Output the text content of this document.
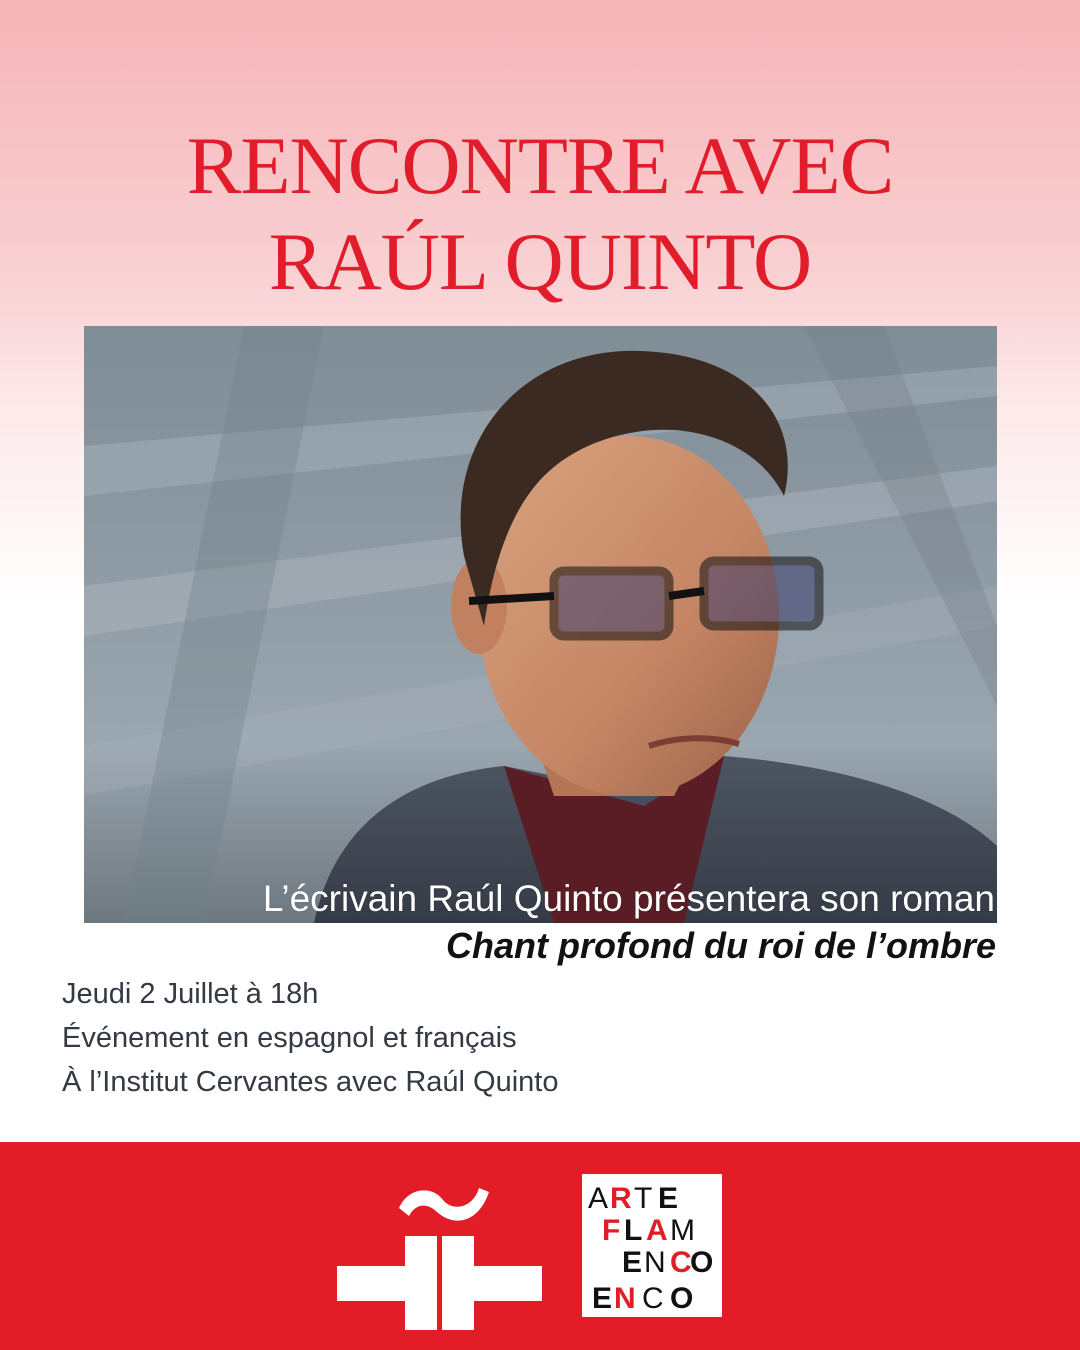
RENCONTRE AVEC
RAÚL QUINTO
L’écrivain Raúl Quinto présentera son roman
Chant profond du roi de l’ombre
Jeudi 2 Juillet à 18h
Événement en espagnol et français
À l’Institut Cervantes avec Raúl Quinto
A R T E
F L A M
E N C
O
E N C O
